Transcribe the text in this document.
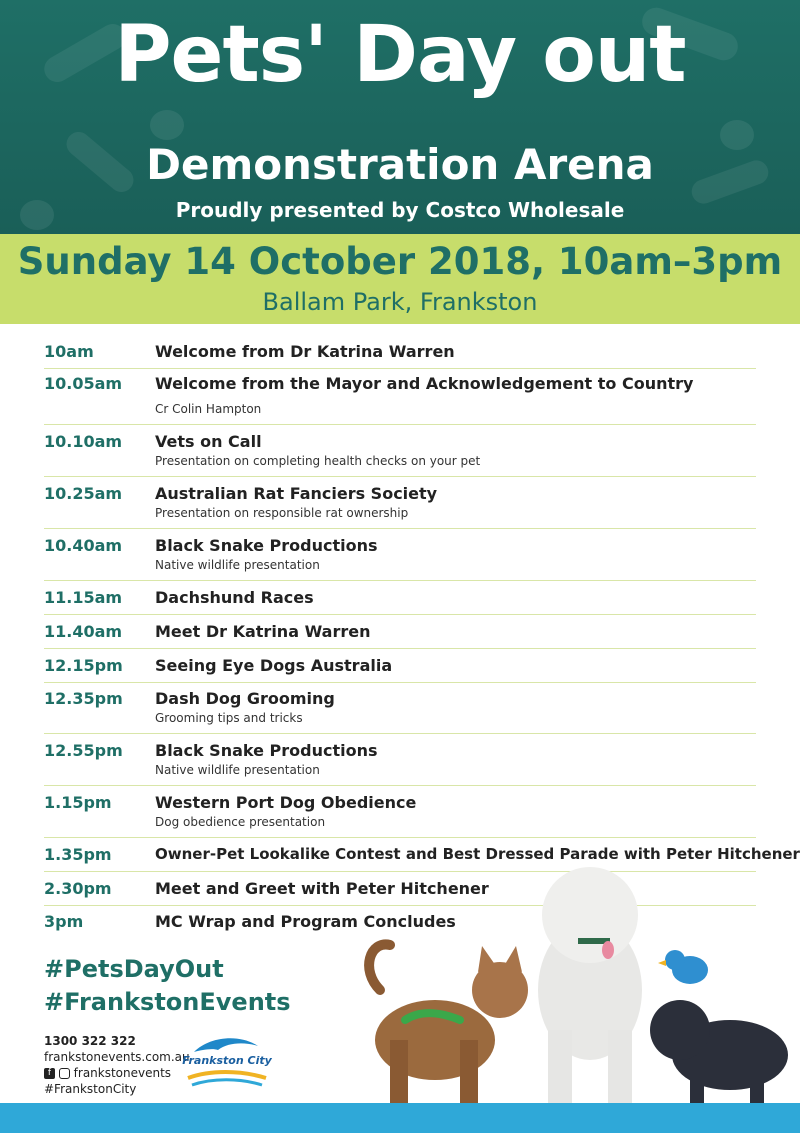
Pets' Day out
Demonstration Arena
Proudly presented by Costco Wholesale
Sunday 14 October 2018, 10am–3pm
Ballam Park, Frankston
10am	Welcome from Dr Katrina Warren
10.05am Welcome from the Mayor and Acknowledgement to Country
Cr Colin Hampton
10.10am Vets on Call
Presentation on completing health checks on your pet
10.25am Australian Rat Fanciers Society
Presentation on responsible rat ownership
10.40am Black Snake Productions
Native wildlife presentation
11.15am Dachshund Races
11.40am Meet Dr Katrina Warren
12.15pm Seeing Eye Dogs Australia
12.35pm Dash Dog Grooming
Grooming tips and tricks
12.55pm Black Snake Productions
Native wildlife presentation
1.15pm	Western Port Dog Obedience
Dog obedience presentation
1.35pm	Owner-Pet Lookalike Contest and Best Dressed Parade with Peter Hitchener
2.30pm	Meet and Greet with Peter Hitchener
3pm	MC Wrap and Program Concludes
#PetsDayOut
#FrankstonEvents
1300 322 322
frankstonevents.com.au
f frankstonevents
#FrankstonCity
Frankston City
